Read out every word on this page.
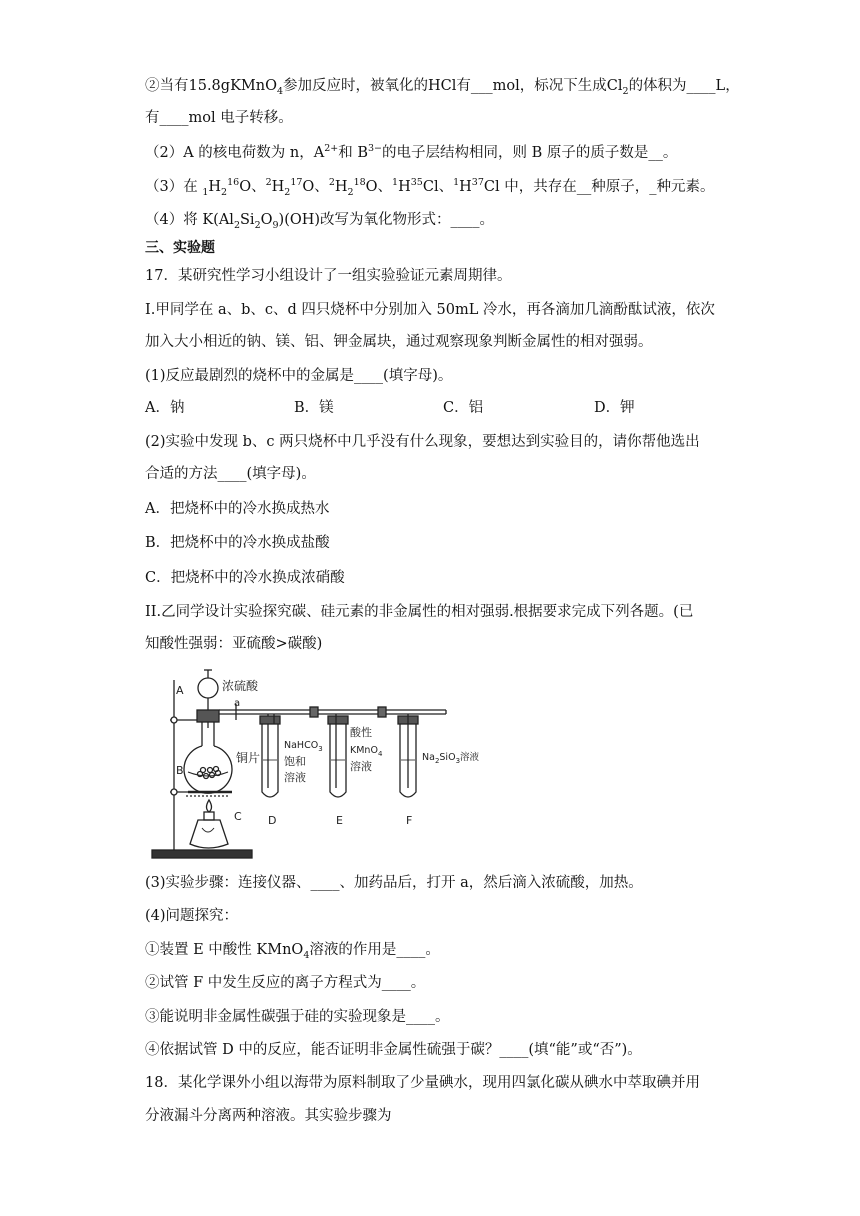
②当有15.8gKMnO$_4$参加反应时，被氧化的HCl有___mol，标况下生成$Cl_2$的体积为____L，
有____mol 电子转移。
（2）A 的核电荷数为 n，$A^{2+}$和 $B^{3-}$的电子层结构相同，则 B 原子的质子数是__。
（3）在 $_1H_2^{16}O$、$^2H_2^{17}O$、$^2H_2^{18}O$、$^1H^{35}Cl$、$^1H^{37}Cl$ 中，共存在__种原子，_种元素。
（4）将 $K(Al_2Si_2O_9)(OH)$改写为氧化物形式：____。
三、实验题
17．某研究性学习小组设计了一组实验验证元素周期律。
I.甲同学在 a、b、c、d 四只烧杯中分别加入 50mL 冷水，再各滴加几滴酚酞试液，依次
加入大小相近的钠、镁、铝、钾金属块，通过观察现象判断金属性的相对强弱。
(1)反应最剧烈的烧杯中的金属是____(填字母)。
A．钠	B．镁	C．铝	D．钾
(2)实验中发现 b、c 两只烧杯中几乎没有什么现象，要想达到实验目的，请你帮他选出
合适的方法____(填字母)。
A．把烧杯中的冷水换成热水
B．把烧杯中的冷水换成盐酸
C．把烧杯中的冷水换成浓硝酸
II.乙同学设计实验探究碳、硅元素的非金属性的相对强弱.根据要求完成下列各题。(已
知酸性强弱：亚硫酸>碳酸)
A
B
C
a
浓硫酸
铜片
NaHCO$_3$
饱和
溶液
酸性
KMnO$_4$
溶液
$Na_2SiO_3$溶液
D	E	F
(3)实验步骤：连接仪器、____、加药品后，打开 a，然后滴入浓硫酸，加热。
(4)问题探究：
①装置 E 中酸性 KMnO$_4$溶液的作用是____。
②试管 F 中发生反应的离子方程式为____。
③能说明非金属性碳强于硅的实验现象是____。
④依据试管 D 中的反应，能否证明非金属性硫强于碳？____(填“能”或“否”)。
18．某化学课外小组以海带为原料制取了少量碘水，现用四氯化碳从碘水中萃取碘并用
分液漏斗分离两种溶液。其实验步骤为
